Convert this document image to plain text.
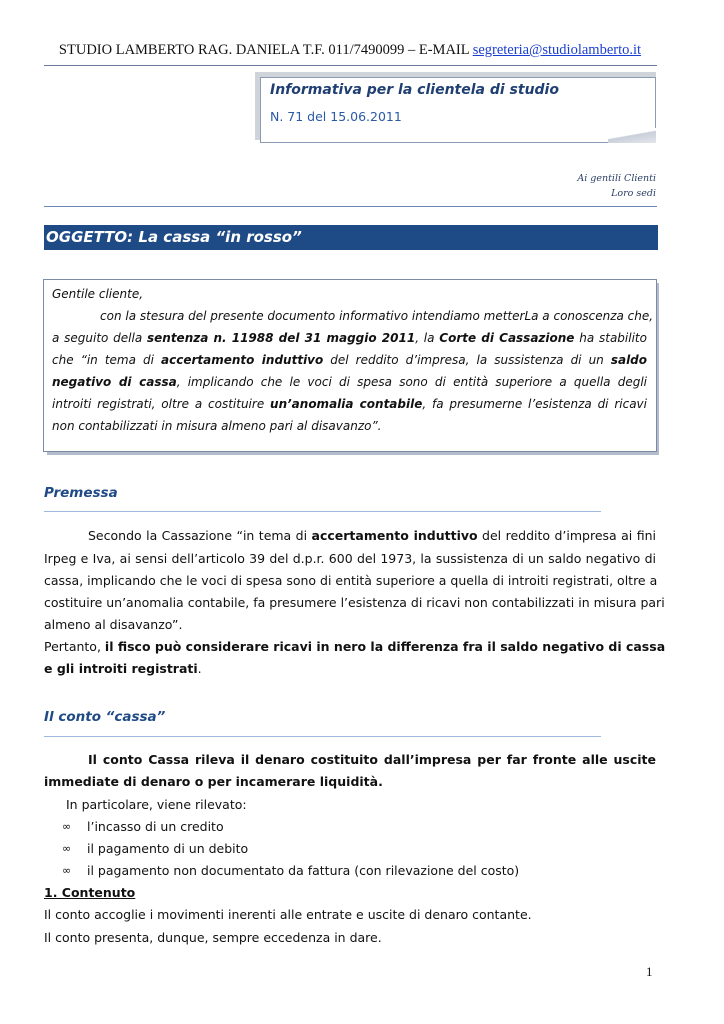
STUDIO LAMBERTO RAG. DANIELA T.F. 011/7490099 – E-MAIL segreteria@studiolamberto.it
Informativa per la clientela di studio
N. 71 del 15.06.2011
Ai gentili Clienti
Loro sedi
OGGETTO: La cassa “in rosso”
Gentile cliente,
con la stesura del presente documento informativo intendiamo metterLa a conoscenza che,
a seguito della sentenza n. 11988 del 31 maggio 2011, la Corte di Cassazione ha stabilito
che “in tema di accertamento induttivo del reddito d’impresa, la sussistenza di un saldo
negativo di cassa, implicando che le voci di spesa sono di entità superiore a quella degli
introiti registrati, oltre a costituire un’anomalia contabile, fa presumerne l’esistenza di ricavi
non contabilizzati in misura almeno pari al disavanzo”.
Premessa
Secondo la Cassazione “in tema di accertamento induttivo del reddito d’impresa ai fini
Irpeg e Iva, ai sensi dell’articolo 39 del d.p.r. 600 del 1973, la sussistenza di un saldo negativo di
cassa, implicando che le voci di spesa sono di entità superiore a quella di introiti registrati, oltre a
costituire un’anomalia contabile, fa presumere l’esistenza di ricavi non contabilizzati in misura pari
almeno al disavanzo”.
Pertanto, il fisco può considerare ricavi in nero la differenza fra il saldo negativo di cassa
e gli introiti registrati.
Il conto “cassa”
Il conto Cassa rileva il denaro costituito dall’impresa per far fronte alle uscite
immediate di denaro o per incamerare liquidità.
In particolare, viene rilevato:
∞ l’incasso di un credito
∞ il pagamento di un debito
∞ il pagamento non documentato da fattura (con rilevazione del costo)
1. Contenuto
Il conto accoglie i movimenti inerenti alle entrate e uscite di denaro contante.
Il conto presenta, dunque, sempre eccedenza in dare.
1
